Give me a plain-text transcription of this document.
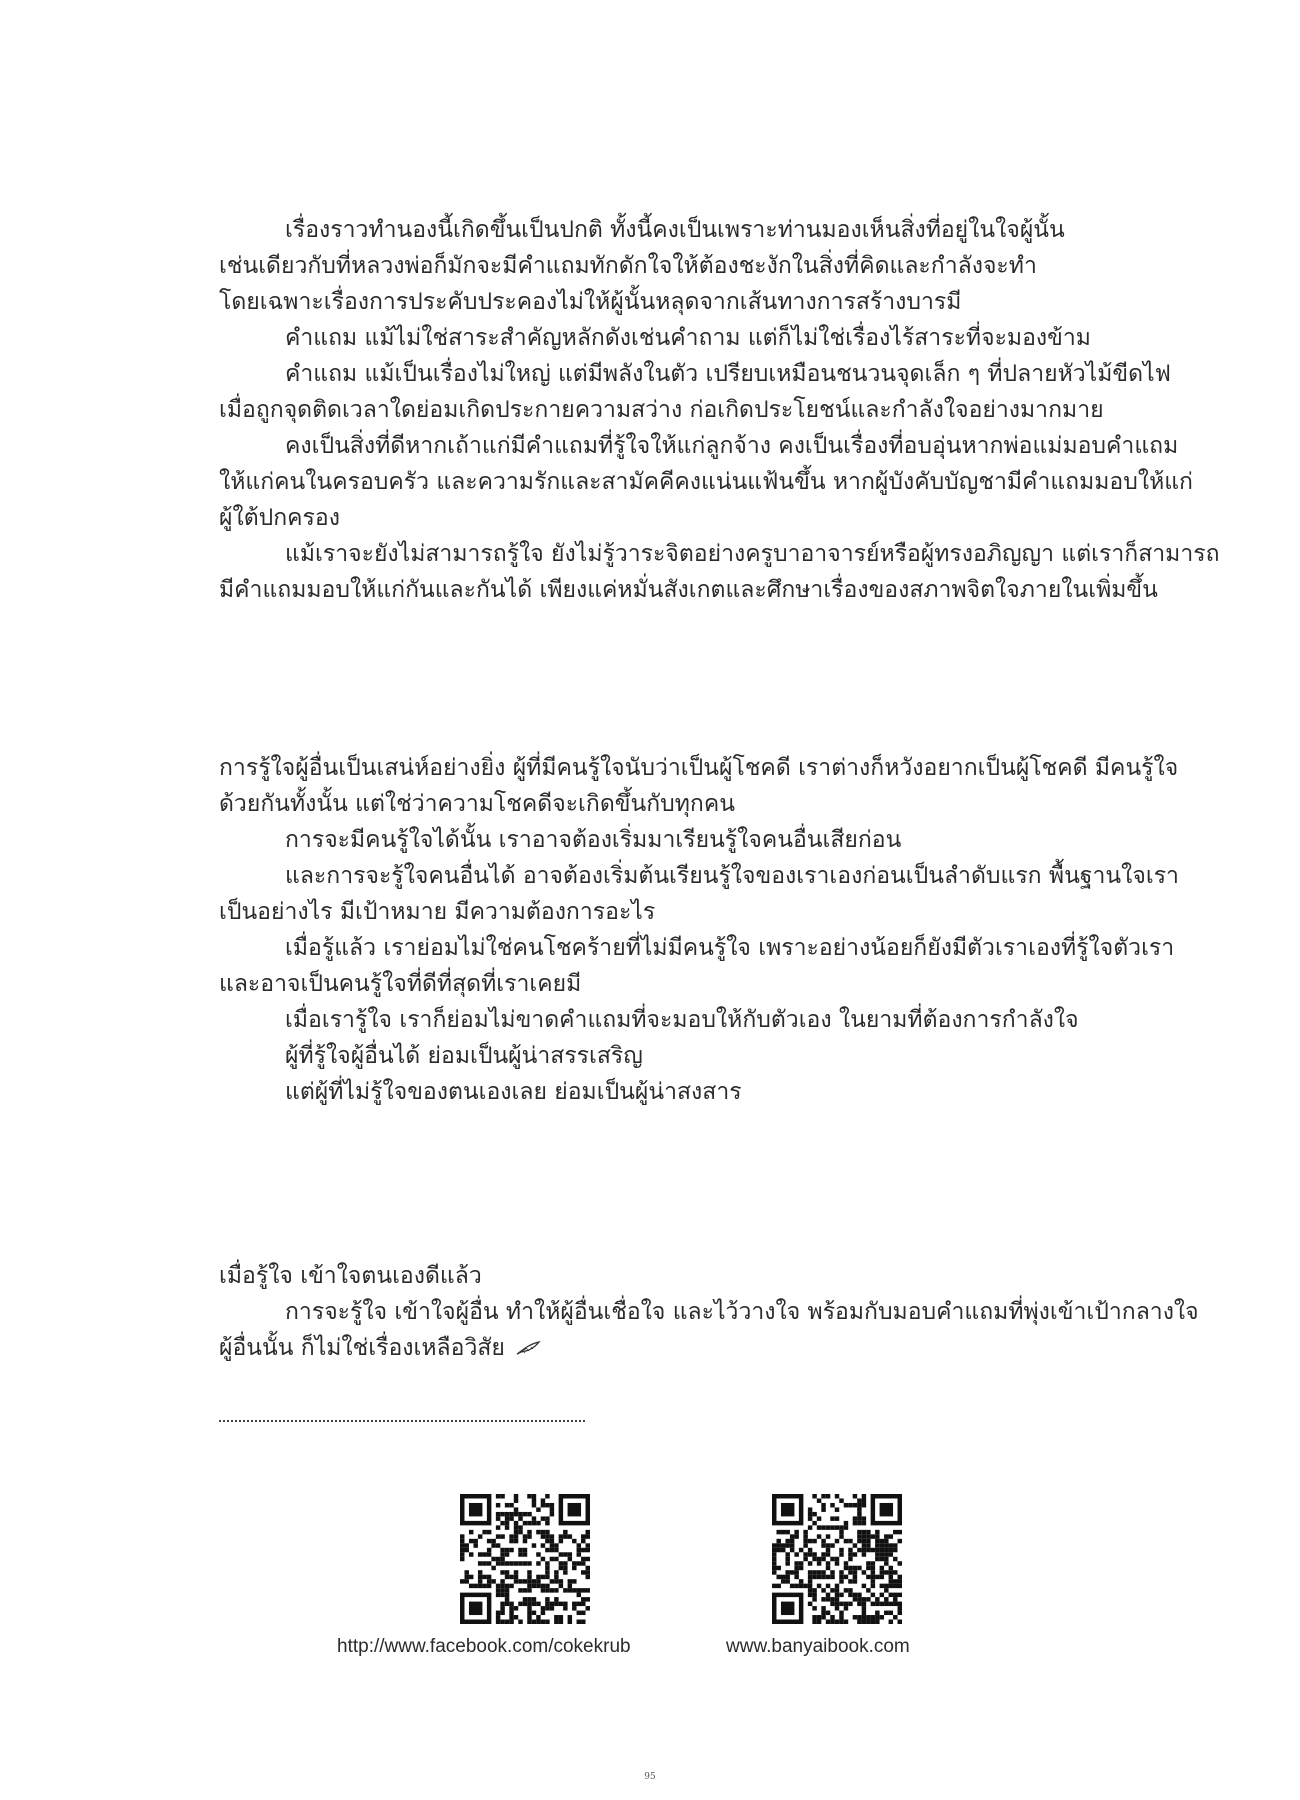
เรื่องราวทำนองนี้เกิดขึ้นเป็นปกติ ทั้งนี้คงเป็นเพราะท่านมองเห็นสิ่งที่อยู่ในใจผู้นั้น
เช่นเดียวกับที่หลวงพ่อก็มักจะมีคำแถมทักดักใจให้ต้องชะงักในสิ่งที่คิดและกำลังจะทำ
โดยเฉพาะเรื่องการประคับประคองไม่ให้ผู้นั้นหลุดจากเส้นทางการสร้างบารมี
คำแถม แม้ไม่ใช่สาระสำคัญหลักดังเช่นคำถาม แต่ก็ไม่ใช่เรื่องไร้สาระที่จะมองข้าม
คำแถม แม้เป็นเรื่องไม่ใหญ่ แต่มีพลังในตัว เปรียบเหมือนชนวนจุดเล็ก ๆ ที่ปลายหัวไม้ขีดไฟ
เมื่อถูกจุดติดเวลาใดย่อมเกิดประกายความสว่าง ก่อเกิดประโยชน์และกำลังใจอย่างมากมาย
คงเป็นสิ่งที่ดีหากเถ้าแก่มีคำแถมที่รู้ใจให้แก่ลูกจ้าง คงเป็นเรื่องที่อบอุ่นหากพ่อแม่มอบคำแถม
ให้แก่คนในครอบครัว และความรักและสามัคคีคงแน่นแฟ้นขึ้น หากผู้บังคับบัญชามีคำแถมมอบให้แก่
ผู้ใต้ปกครอง
แม้เราจะยังไม่สามารถรู้ใจ ยังไม่รู้วาระจิตอย่างครูบาอาจารย์หรือผู้ทรงอภิญญา แต่เราก็สามารถ
มีคำแถมมอบให้แก่กันและกันได้ เพียงแค่หมั่นสังเกตและศึกษาเรื่องของสภาพจิตใจภายในเพิ่มขึ้น
การรู้ใจผู้อื่นเป็นเสน่ห์อย่างยิ่ง ผู้ที่มีคนรู้ใจนับว่าเป็นผู้โชคดี เราต่างก็หวังอยากเป็นผู้โชคดี มีคนรู้ใจ
ด้วยกันทั้งนั้น แต่ใช่ว่าความโชคดีจะเกิดขึ้นกับทุกคน
การจะมีคนรู้ใจได้นั้น เราอาจต้องเริ่มมาเรียนรู้ใจคนอื่นเสียก่อน
และการจะรู้ใจคนอื่นได้ อาจต้องเริ่มต้นเรียนรู้ใจของเราเองก่อนเป็นลำดับแรก พื้นฐานใจเรา
เป็นอย่างไร มีเป้าหมาย มีความต้องการอะไร
เมื่อรู้แล้ว เราย่อมไม่ใช่คนโชคร้ายที่ไม่มีคนรู้ใจ เพราะอย่างน้อยก็ยังมีตัวเราเองที่รู้ใจตัวเรา
และอาจเป็นคนรู้ใจที่ดีที่สุดที่เราเคยมี
เมื่อเรารู้ใจ เราก็ย่อมไม่ขาดคำแถมที่จะมอบให้กับตัวเอง ในยามที่ต้องการกำลังใจ
ผู้ที่รู้ใจผู้อื่นได้ ย่อมเป็นผู้น่าสรรเสริญ
แต่ผู้ที่ไม่รู้ใจของตนเองเลย ย่อมเป็นผู้น่าสงสาร
เมื่อรู้ใจ เข้าใจตนเองดีแล้ว
การจะรู้ใจ เข้าใจผู้อื่น ทำให้ผู้อื่นเชื่อใจ และไว้วางใจ พร้อมกับมอบคำแถมที่พุ่งเข้าเป้ากลางใจ
ผู้อื่นนั้น ก็ไม่ใช่เรื่องเหลือวิสัย
http://www.facebook.com/cokekrub	www.banyaibook.com
95
